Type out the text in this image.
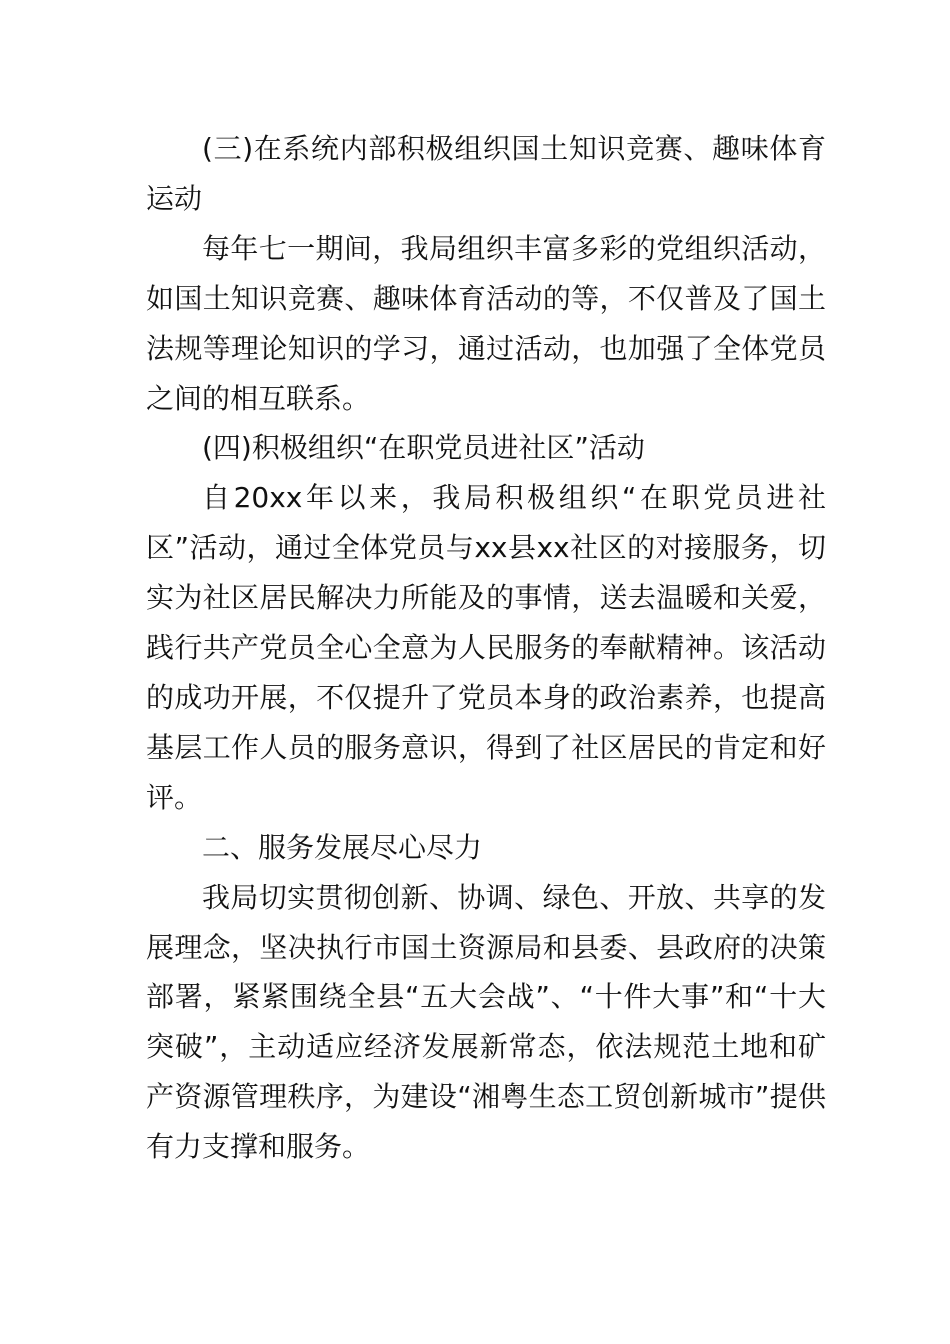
(三)在系统内部积极组织国土知识竞赛、趣味体育运动

每年七一期间，我局组织丰富多彩的党组织活动，如国土知识竞赛、趣味体育活动的等，不仅普及了国土法规等理论知识的学习，通过活动，也加强了全体党员之间的相互联系。

(四)积极组织“在职党员进社区”活动

自20xx年以来，我局积极组织“在职党员进社区”活动，通过全体党员与xx县xx社区的对接服务，切实为社区居民解决力所能及的事情，送去温暖和关爱，践行共产党员全心全意为人民服务的奉献精神。该活动的成功开展，不仅提升了党员本身的政治素养，也提高基层工作人员的服务意识，得到了社区居民的肯定和好评。

二、服务发展尽心尽力

我局切实贯彻创新、协调、绿色、开放、共享的发展理念，坚决执行市国土资源局和县委、县政府的决策部署，紧紧围绕全县“五大会战”、“十件大事”和“十大突破”，主动适应经济发展新常态，依法规范土地和矿产资源管理秩序，为建设“湘粤生态工贸创新城市”提供有力支撑和服务。
